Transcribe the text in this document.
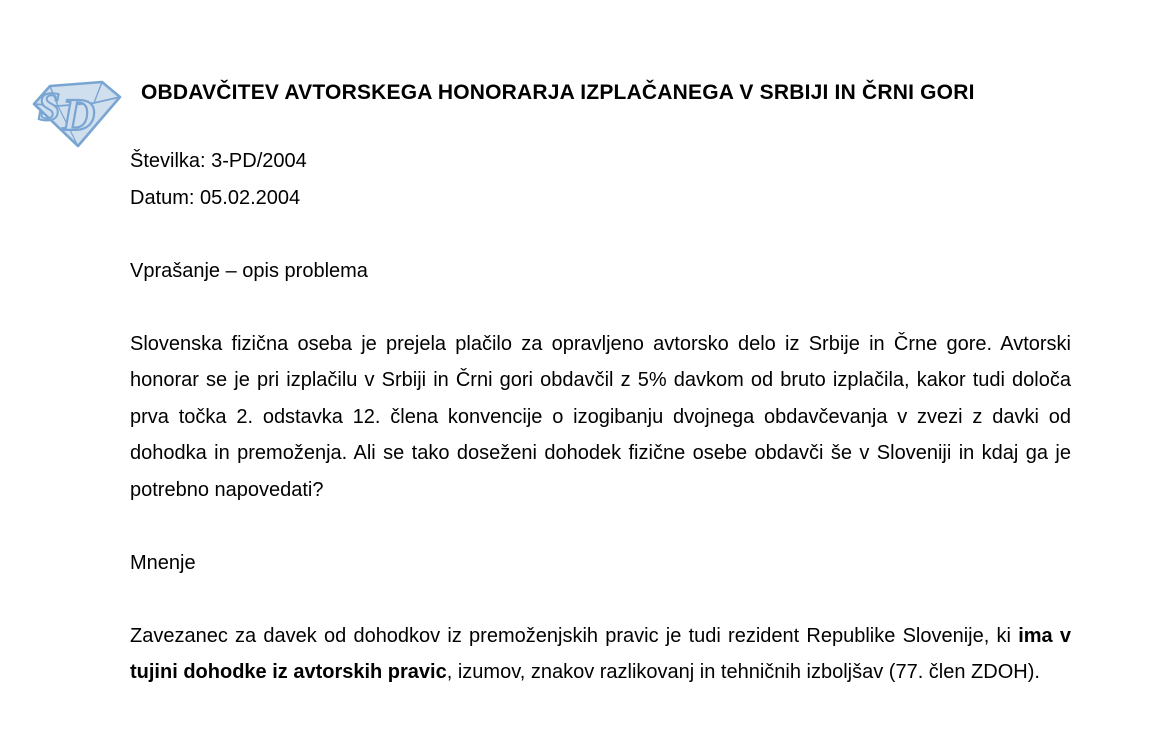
S D OBDAVČITEV AVTORSKEGA HONORARJA IZPLAČANEGA V SRBIJI IN ČRNI GORI
Številka: 3-PD/2004
Datum: 05.02.2004
Vprašanje – opis problema

Slovenska fizična oseba je prejela plačilo za opravljeno avtorsko delo iz Srbije in Črne gore. Avtorski honorar se je pri izplačilu v Srbiji in Črni gori obdavčil z 5% davkom od bruto izplačila, kakor tudi določa prva točka 2. odstavka 12. člena konvencije o izogibanju dvojnega obdavčevanja v zvezi z davki od dohodka in premoženja. Ali se tako doseženi dohodek fizične osebe obdavči še v Sloveniji in kdaj ga je potrebno napovedati?

Mnenje

Zavezanec za davek od dohodkov iz premoženjskih pravic je tudi rezident Republike Slovenije, ki ima v tujini dohodke iz avtorskih pravic, izumov, znakov razlikovanj in tehničnih izboljšav (77. člen ZDOH).
